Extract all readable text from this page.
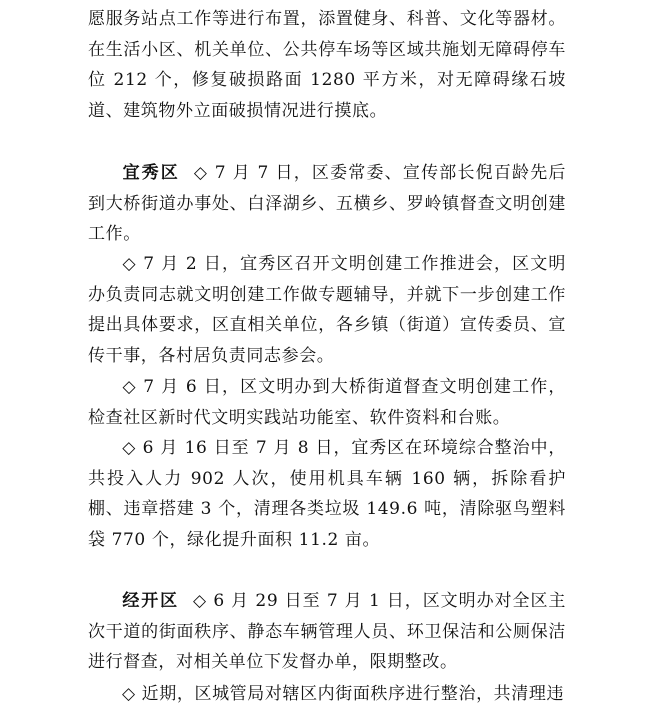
愿服务站点工作等进行布置，添置健身、科普、文化等器材。在生活小区、机关单位、公共停车场等区域共施划无障碍停车位 212 个，修复破损路面 1280 平方米，对无障碍缘石坡道、建筑物外立面破损情况进行摸底。
宜秀区 ◇ 7 月 7 日，区委常委、宣传部长倪百龄先后到大桥街道办事处、白泽湖乡、五横乡、罗岭镇督查文明创建工作。
◇ 7 月 2 日，宜秀区召开文明创建工作推进会，区文明办负责同志就文明创建工作做专题辅导，并就下一步创建工作提出具体要求，区直相关单位，各乡镇（街道）宣传委员、宣传干事，各村居负责同志参会。
◇ 7 月 6 日，区文明办到大桥街道督查文明创建工作，检查社区新时代文明实践站功能室、软件资料和台账。
◇ 6 月 16 日至 7 月 8 日，宜秀区在环境综合整治中，共投入人力 902 人次，使用机具车辆 160 辆，拆除看护棚、违章搭建 3 个，清理各类垃圾 149.6 吨，清除驱鸟塑料袋 770 个，绿化提升面积 11.2 亩。
经开区 ◇ 6 月 29 日至 7 月 1 日，区文明办对全区主次干道的街面秩序、静态车辆管理人员、环卫保洁和公厕保洁进行督查，对相关单位下发督办单，限期整改。
◇ 近期，区城管局对辖区内街面秩序进行整治，共清理违
